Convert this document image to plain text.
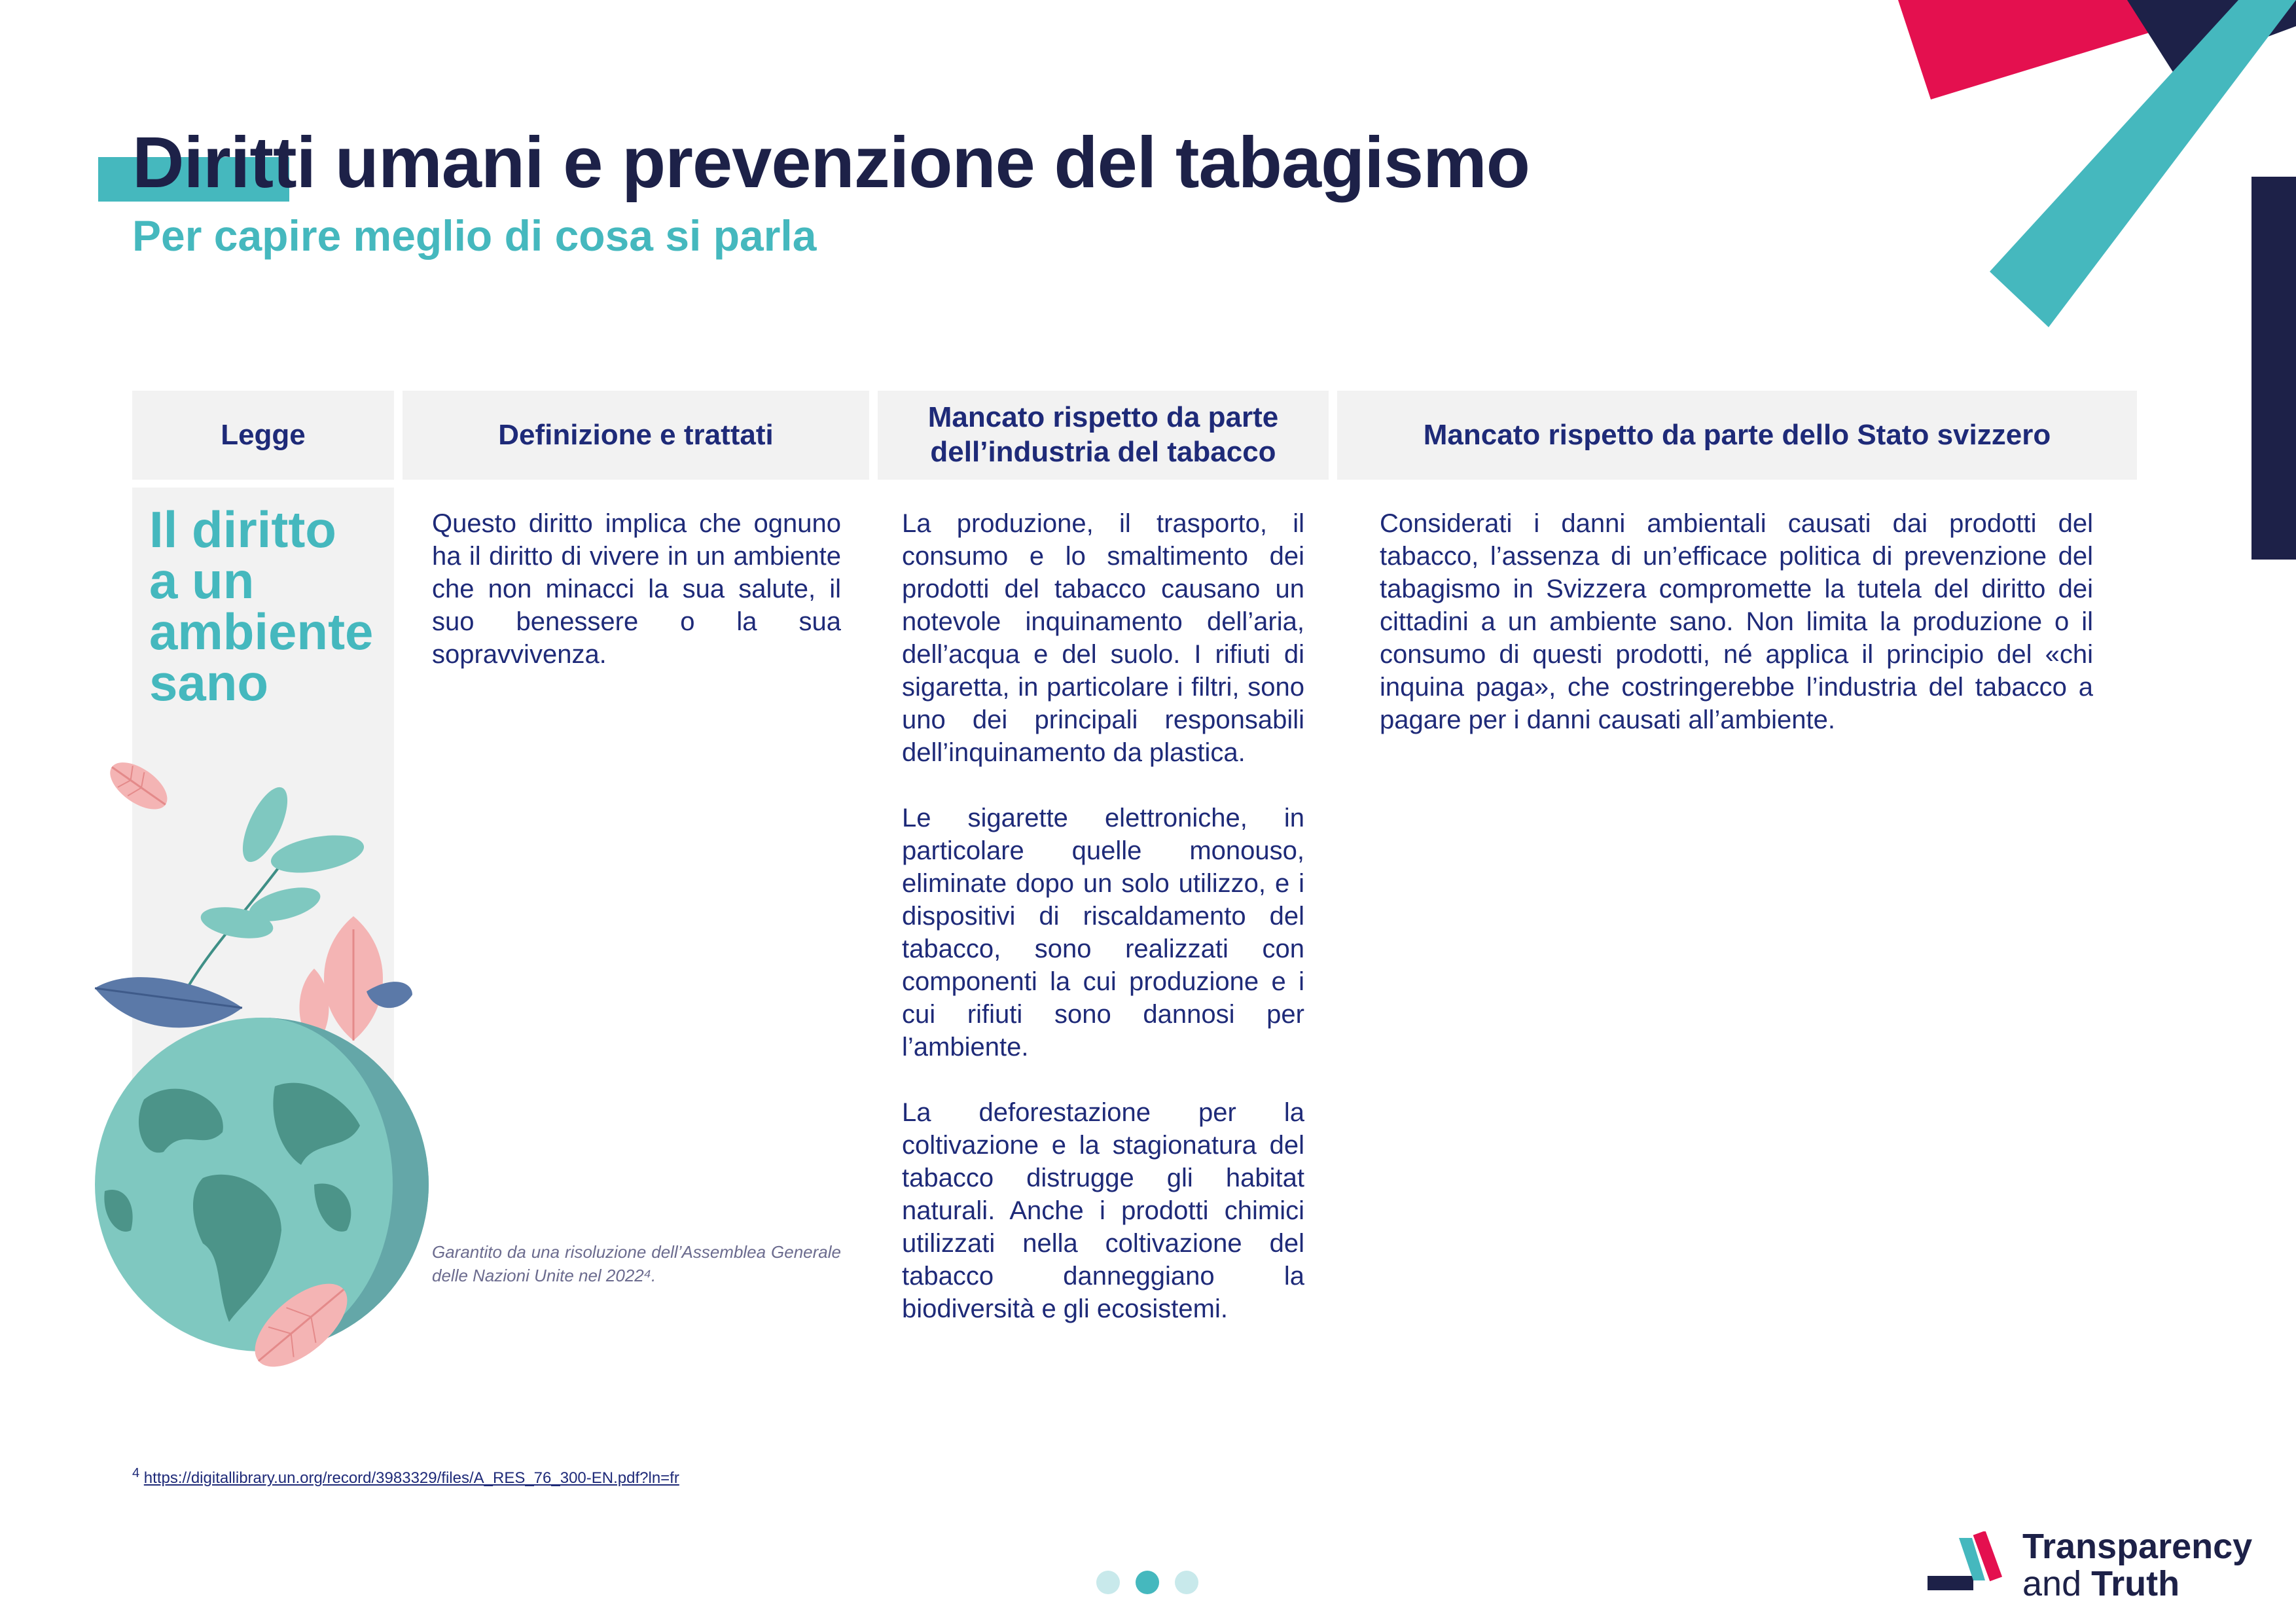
Diritti umani e prevenzione del tabagismo
Per capire meglio di cosa si parla
Legge	Definizione e trattati
Mancato rispetto da parte dell’industria del tabacco
Mancato rispetto da parte dello Stato svizzero
Il diritto
a un
ambiente
sano
Questo diritto implica che ognuno ha il diritto di vivere in un ambiente che non minacci la sua salute, il suo benessere o la sua sopravvivenza.
Garantito da una risoluzione dell’Assemblea Generale delle Nazioni Unite nel 2022⁴.

La produzione, il trasporto, il consumo e lo smaltimento dei prodotti del tabacco causano un notevole inquinamento dell’aria, dell’acqua e del suolo. I rifiuti di sigaretta, in particolare i filtri, sono uno dei principali responsabili dell’inquinamento da plastica.

Le sigarette elettroniche, in particolare quelle monouso, eliminate dopo un solo utilizzo, e i dispositivi di riscaldamento del tabacco, sono realizzati con componenti la cui produzione e i cui rifiuti sono dannosi per l’ambiente.

La deforestazione per la coltivazione e la stagionatura del tabacco distrugge gli habitat naturali. Anche i prodotti chimici utilizzati nella coltivazione del tabacco danneggiano la biodiversità e gli ecosistemi.

Considerati i danni ambientali causati dai prodotti del tabacco, l’assenza di un’efficace politica di prevenzione del tabagismo in Svizzera compromette la tutela del diritto dei cittadini a un ambiente sano. Non limita la produzione o il consumo di questi prodotti, né applica il principio del «chi inquina paga», che costringerebbe l’industria del tabacco a pagare per i danni causati all’ambiente.
$^4$ https://digitallibrary.un.org/record/3983329/files/A_RES_76_300-EN.pdf?ln=fr
Transparency
and Truth
